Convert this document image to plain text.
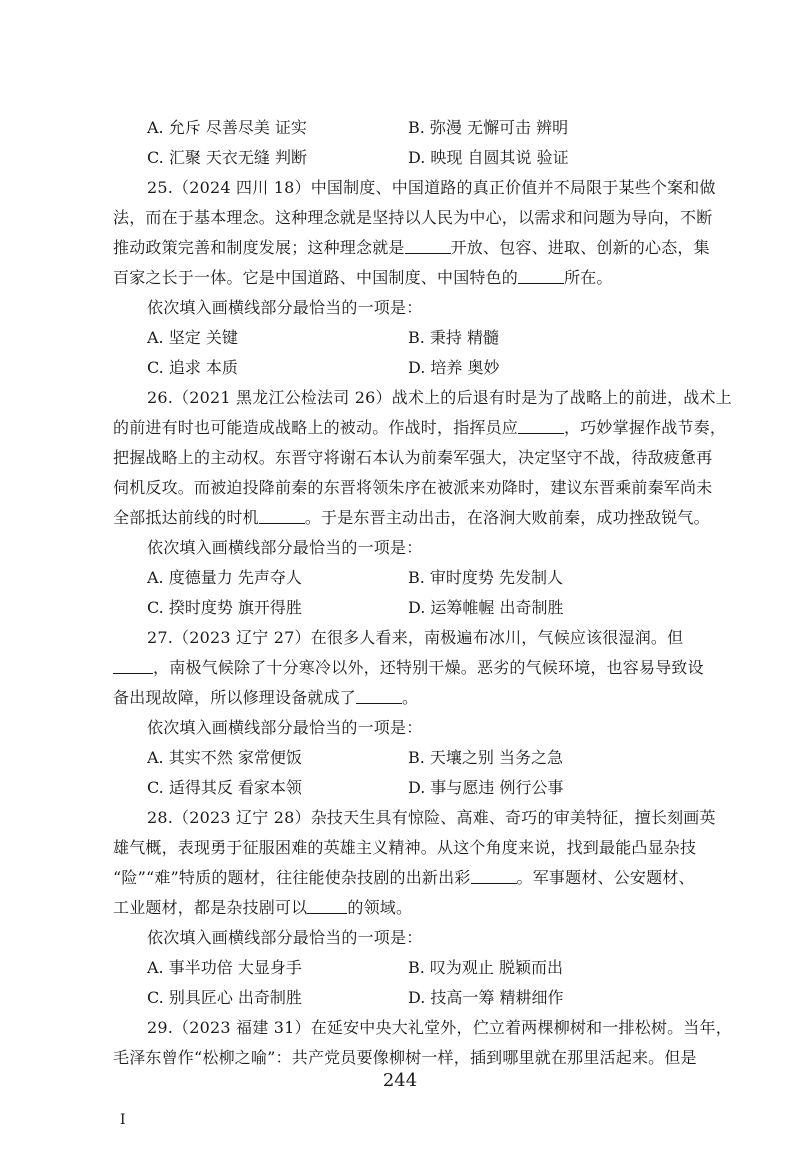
A. 允斥 尽善尽美 证实	B. 弥漫 无懈可击 辨明
C. 汇聚 天衣无缝 判断	D. 映现 自圆其说 验证
25.（2024 四川 18）中国制度、中国道路的真正价值并不局限于某些个案和做
法，而在于基本理念。这种理念就是坚持以人民为中心，以需求和问题为导向，不断
推动政策完善和制度发展；这种理念就是	开放、包容、进取、创新的心态，集
百家之长于一体。它是中国道路、中国制度、中国特色的	所在。
依次填入画横线部分最恰当的一项是：
A. 坚定 关键	B. 秉持 精髓
C. 追求 本质	D. 培养 奥妙
26.（2021 黑龙江公检法司 26）战术上的后退有时是为了战略上的前进，战术上
的前进有时也可能造成战略上的被动。作战时，指挥员应	，巧妙掌握作战节奏，
把握战略上的主动权。东晋守将谢石本认为前秦军强大，决定坚守不战，待敌疲惫再
伺机反攻。而被迫投降前秦的东晋将领朱序在被派来劝降时，建议东晋乘前秦军尚未
全部抵达前线的时机	。于是东晋主动出击，在洛涧大败前秦，成功挫敌锐气。
依次填入画横线部分最恰当的一项是：
A. 度德量力 先声夺人	B. 审时度势 先发制人
C. 揆时度势 旗开得胜	D. 运筹帷幄 出奇制胜
27.（2023 辽宁 27）在很多人看来，南极遍布冰川，气候应该很湿润。但
，南极气候除了十分寒冷以外，还特别干燥。恶劣的气候环境，也容易导致设
备出现故障，所以修理设备就成了	。
依次填入画横线部分最恰当的一项是：
A. 其实不然 家常便饭	B. 天壤之别 当务之急
C. 适得其反 看家本领	D. 事与愿违 例行公事
28.（2023 辽宁 28）杂技天生具有惊险、高难、奇巧的审美特征，擅长刻画英
雄气概，表现勇于征服困难的英雄主义精神。从这个角度来说，找到最能凸显杂技
“险”“难”特质的题材，往往能使杂技剧的出新出彩	。军事题材、公安题材、
工业题材，都是杂技剧可以	的领域。
依次填入画横线部分最恰当的一项是：
A. 事半功倍 大显身手	B. 叹为观止 脱颖而出
C. 别具匠心 出奇制胜	D. 技高一筹 精耕细作
29.（2023 福建 31）在延安中央大礼堂外，伫立着两棵柳树和一排松树。当年，
毛泽东曾作“松柳之喻”：共产党员要像柳树一样，插到哪里就在那里活起来。但是
244
I
